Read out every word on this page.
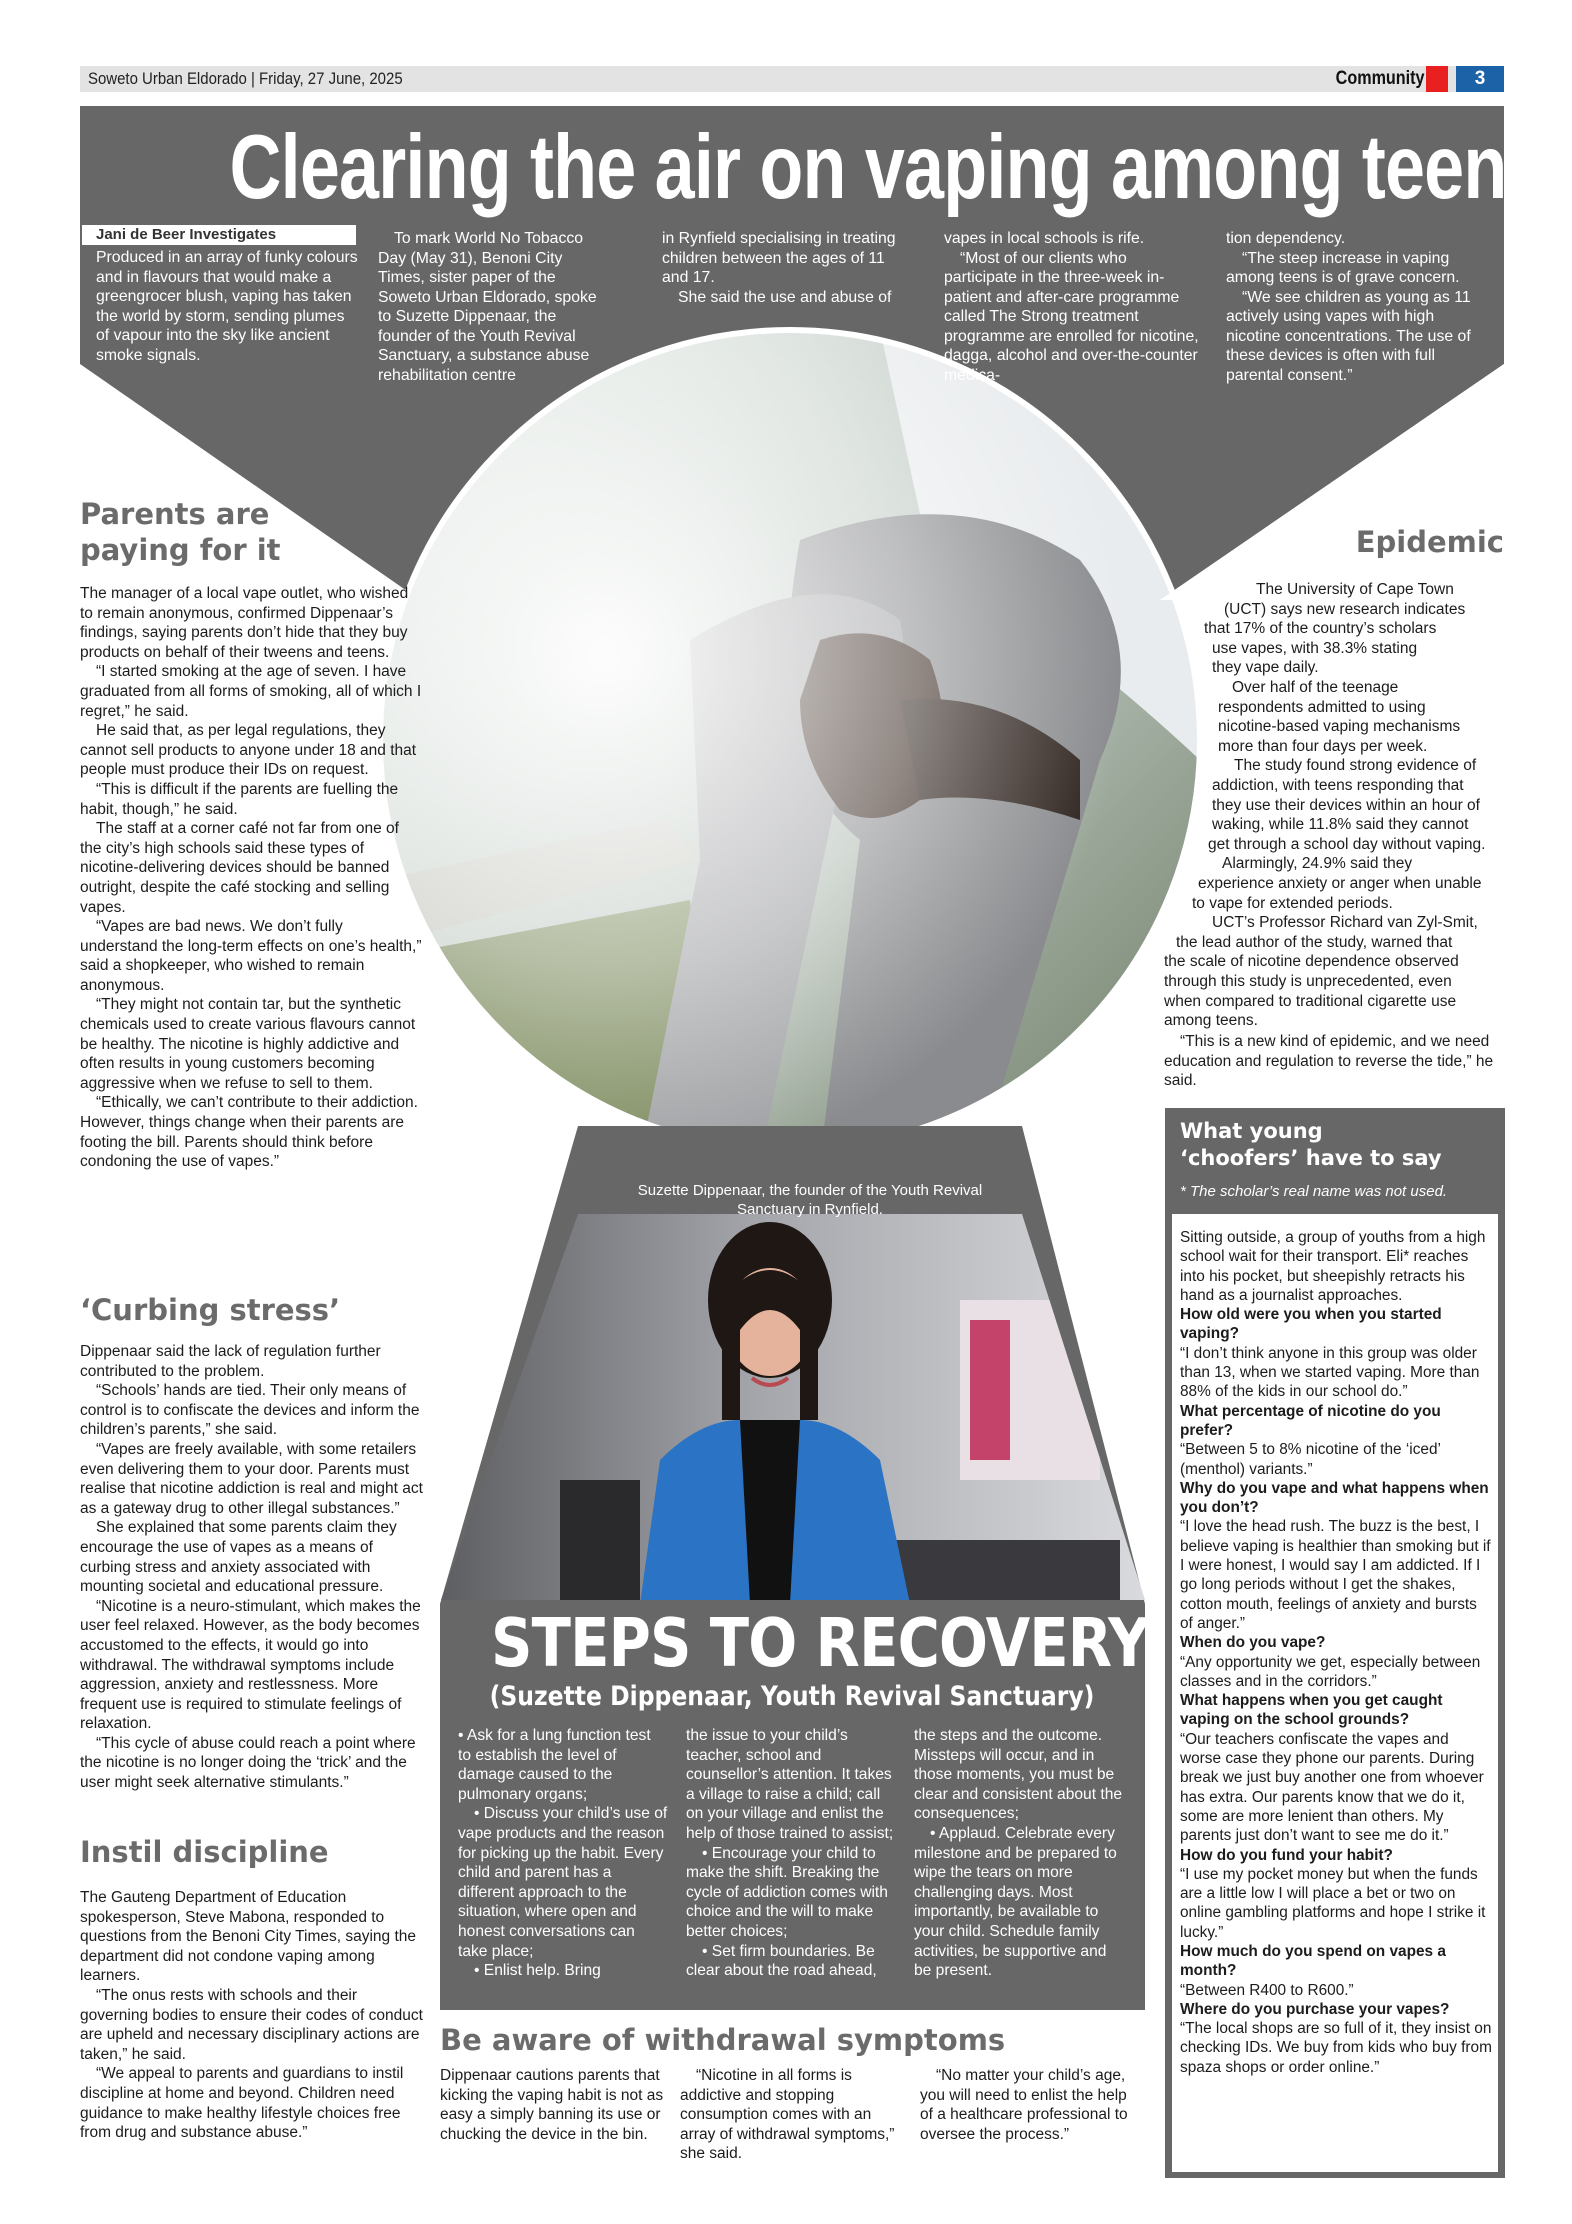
Soweto Urban Eldorado | Friday, 27 June, 2025	Community	3
Clearing the air on vaping among teens
Jani de Beer Investigates

Produced in an array of funky colours and in flavours that would make a greengrocer blush, vaping has taken the world by storm, sending plumes of vapour into the sky like ancient smoke signals.

To mark World No Tobacco Day (May 31), Benoni City Times, sister paper of the Soweto Urban Eldorado, spoke to Suzette Dippenaar, the founder of the Youth Revival Sanctuary, a substance abuse rehabilitation centre

in Rynfield specialising in treating children between the ages of 11 and 17.

She said the use and abuse of

vapes in local schools is rife.

“Most of our clients who participate in the three-week in-patient and after-care programme called The Strong treatment programme are enrolled for nicotine, dagga, alcohol and over-the-counter medica-

tion dependency.

“The steep increase in vaping among teens is of grave concern.

“We see children as young as 11 actively using vapes with high nicotine concentrations. The use of these devices is often with full parental consent.”

Parents are paying for it

The manager of a local vape outlet, who wished to remain anonymous, confirmed Dippenaar’s findings, saying parents don’t hide that they buy products on behalf of their tweens and teens.

“I started smoking at the age of seven. I have graduated from all forms of smoking, all of which I regret,” he said.

He said that, as per legal regulations, they cannot sell products to anyone under 18 and that people must produce their IDs on request.

“This is difficult if the parents are fuelling the habit, though,” he said.

The staff at a corner café not far from one of the city’s high schools said these types of nicotine-delivering devices should be banned outright, despite the café stocking and selling vapes.

“Vapes are bad news. We don’t fully understand the long-term effects on one’s health,” said a shopkeeper, who wished to remain anonymous.

“They might not contain tar, but the synthetic chemicals used to create various flavours cannot be healthy. The nicotine is highly addictive and often results in young customers becoming aggressive when we refuse to sell to them.

“Ethically, we can’t contribute to their addiction. However, things change when their parents are footing the bill. Parents should think before condoning the use of vapes.”

‘Curbing stress’

Dippenaar said the lack of regulation further contributed to the problem.

“Schools’ hands are tied. Their only means of control is to confiscate the devices and inform the children’s parents,” she said.

“Vapes are freely available, with some retailers even delivering them to your door. Parents must realise that nicotine addiction is real and might act as a gateway drug to other illegal substances.”

She explained that some parents claim they encourage the use of vapes as a means of curbing stress and anxiety associated with mounting societal and educational pressure.

“Nicotine is a neuro-stimulant, which makes the user feel relaxed. However, as the body becomes accustomed to the effects, it would go into withdrawal. The withdrawal symptoms include aggression, anxiety and restlessness. More frequent use is required to stimulate feelings of relaxation.

“This cycle of abuse could reach a point where the nicotine is no longer doing the ‘trick’ and the user might seek alternative stimulants.”

Instil discipline

The Gauteng Department of Education spokesperson, Steve Mabona, responded to questions from the Benoni City Times, saying the department did not condone vaping among learners.

“The onus rests with schools and their governing bodies to ensure their codes of conduct are upheld and necessary disciplinary actions are taken,” he said.

“We appeal to parents and guardians to instil discipline at home and beyond. Children need guidance to make healthy lifestyle choices free from drug and substance abuse.”

Epidemic
The University of Cape Town
(UCT) says new research indicates
that 17% of the country’s scholars
use vapes, with 38.3% stating
they vape daily.
Over half of the teenage
respondents admitted to using
nicotine-based vaping mechanisms
more than four days per week.
The study found strong evidence of
addiction, with teens responding that
they use their devices within an hour of
waking, while 11.8% said they cannot
get through a school day without vaping.
Alarmingly, 24.9% said they
experience anxiety or anger when unable
to vape for extended periods.
UCT’s Professor Richard van Zyl-Smit,
the lead author of the study, warned that
the scale of nicotine dependence observed
through this study is unprecedented, even
when compared to traditional cigarette use
among teens.

“This is a new kind of epidemic, and we need education and regulation to reverse the tide,” he said.

What young
‘choofers’ have to say
* The scholar’s real name was not used.

Sitting outside, a group of youths from a high school wait for their transport. Eli* reaches into his pocket, but sheepishly retracts his hand as a journalist approaches.

How old were you when you started vaping?

“I don’t think anyone in this group was older than 13, when we started vaping. More than 88% of the kids in our school do.”

What percentage of nicotine do you prefer?

“Between 5 to 8% nicotine of the ‘iced’ (menthol) variants.”

Why do you vape and what happens when you don’t?

“I love the head rush. The buzz is the best, I believe vaping is healthier than smoking but if I were honest, I would say I am addicted. If I go long periods without I get the shakes, cotton mouth, feelings of anxiety and bursts of anger.”

When do you vape?

“Any opportunity we get, especially between classes and in the corridors.”

What happens when you get caught vaping on the school grounds?

“Our teachers confiscate the vapes and worse case they phone our parents. During break we just buy another one from whoever has extra. Our parents know that we do it, some are more lenient than others. My parents just don’t want to see me do it.”

How do you fund your habit?

“I use my pocket money but when the funds are a little low I will place a bet or two on online gambling platforms and hope I strike it lucky.”

How much do you spend on vapes a month?

“Between R400 to R600.”

Where do you purchase your vapes?

“The local shops are so full of it, they insist on checking IDs. We buy from kids who buy from spaza shops or order online.”

Suzette Dippenaar, the founder of the Youth Revival Sanctuary in Rynfield.
STEPS TO RECOVERY
(Suzette Dippenaar, Youth Revival Sanctuary)

• Ask for a lung function test to establish the level of damage caused to the pulmonary organs;

• Discuss your child’s use of vape products and the reason for picking up the habit. Every child and parent has a different approach to the situation, where open and honest conversations can take place;

• Enlist help. Bring

the issue to your child’s teacher, school and counsellor’s attention. It takes a village to raise a child; call on your village and enlist the help of those trained to assist;

• Encourage your child to make the shift. Breaking the cycle of addiction comes with choice and the will to make better choices;

• Set firm boundaries. Be clear about the road ahead,

the steps and the outcome. Missteps will occur, and in those moments, you must be clear and consistent about the consequences;

• Applaud. Celebrate every milestone and be prepared to wipe the tears on more challenging days. Most importantly, be available to your child. Schedule family activities, be supportive and be present.

Be aware of withdrawal symptoms

Dippenaar cautions parents that kicking the vaping habit is not as easy a simply banning its use or chucking the device in the bin.

“Nicotine in all forms is addictive and stopping consumption comes with an array of withdrawal symptoms,” she said.

“No matter your child’s age, you will need to enlist the help of a healthcare professional to oversee the process.”
